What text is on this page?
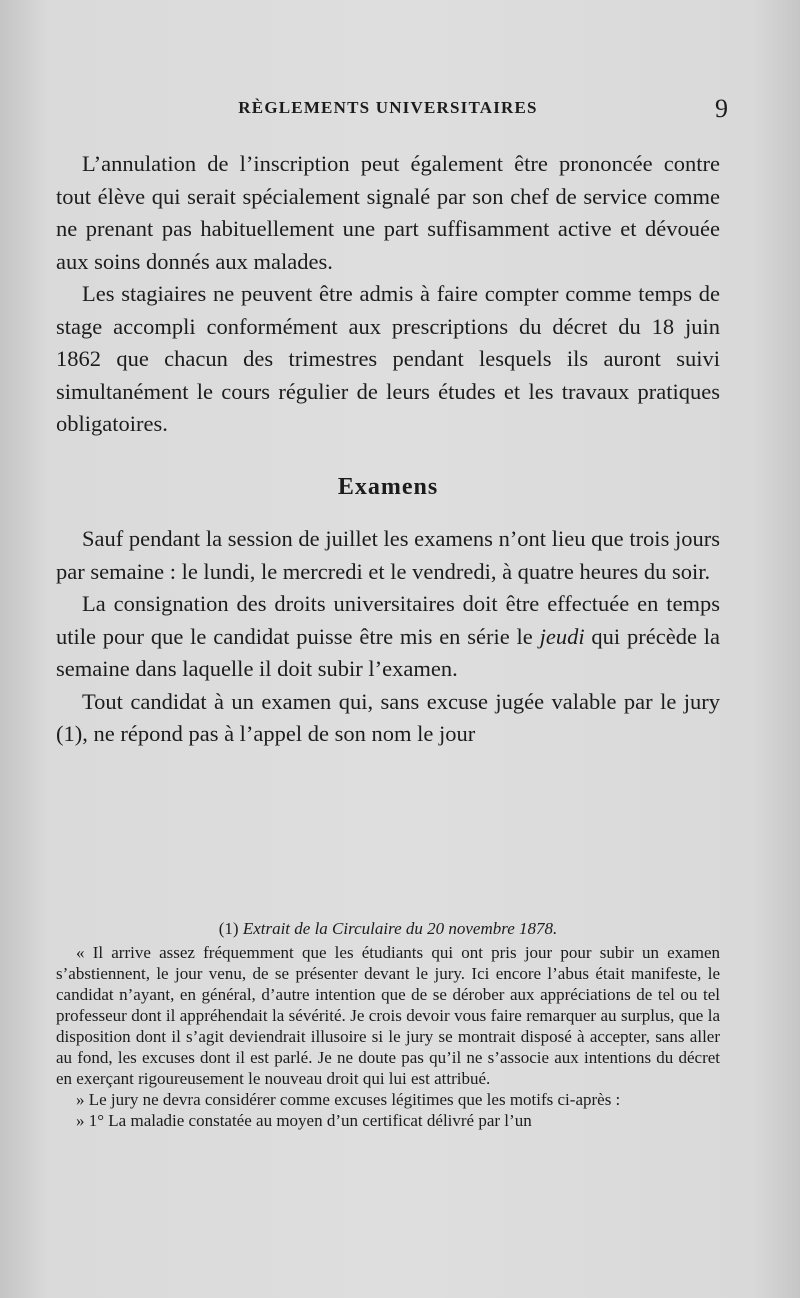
RÈGLEMENTS UNIVERSITAIRES	9

L’annulation de l’inscription peut également être prononcée contre tout élève qui serait spécialement signalé par son chef de service comme ne prenant pas habituellement une part suffisamment active et dévouée aux soins donnés aux malades.

Les stagiaires ne peuvent être admis à faire compter comme temps de stage accompli conformément aux prescriptions du décret du 18 juin 1862 que chacun des trimestres pendant lesquels ils auront suivi simultanément le cours régulier de leurs études et les travaux pratiques obligatoires.

Examens

Sauf pendant la session de juillet les examens n’ont lieu que trois jours par semaine : le lundi, le mercredi et le vendredi, à quatre heures du soir.

La consignation des droits universitaires doit être effectuée en temps utile pour que le candidat puisse être mis en série le jeudi qui précède la semaine dans laquelle il doit subir l’examen.

Tout candidat à un examen qui, sans excuse jugée valable par le jury (1), ne répond pas à l’appel de son nom le jour

(1) Extrait de la Circulaire du 20 novembre 1878.

« Il arrive assez fréquemment que les étudiants qui ont pris jour pour subir un examen s’abstiennent, le jour venu, de se présenter devant le jury. Ici encore l’abus était manifeste, le candidat n’ayant, en général, d’autre intention que de se dérober aux appréciations de tel ou tel professeur dont il appréhendait la sévérité. Je crois devoir vous faire remarquer au surplus, que la disposition dont il s’agit deviendrait illusoire si le jury se montrait disposé à accepter, sans aller au fond, les excuses dont il est parlé. Je ne doute pas qu’il ne s’associe aux intentions du décret en exerçant rigoureusement le nouveau droit qui lui est attribué.

» Le jury ne devra considérer comme excuses légitimes que les motifs ci-après :

» 1° La maladie constatée au moyen d’un certificat délivré par l’un
